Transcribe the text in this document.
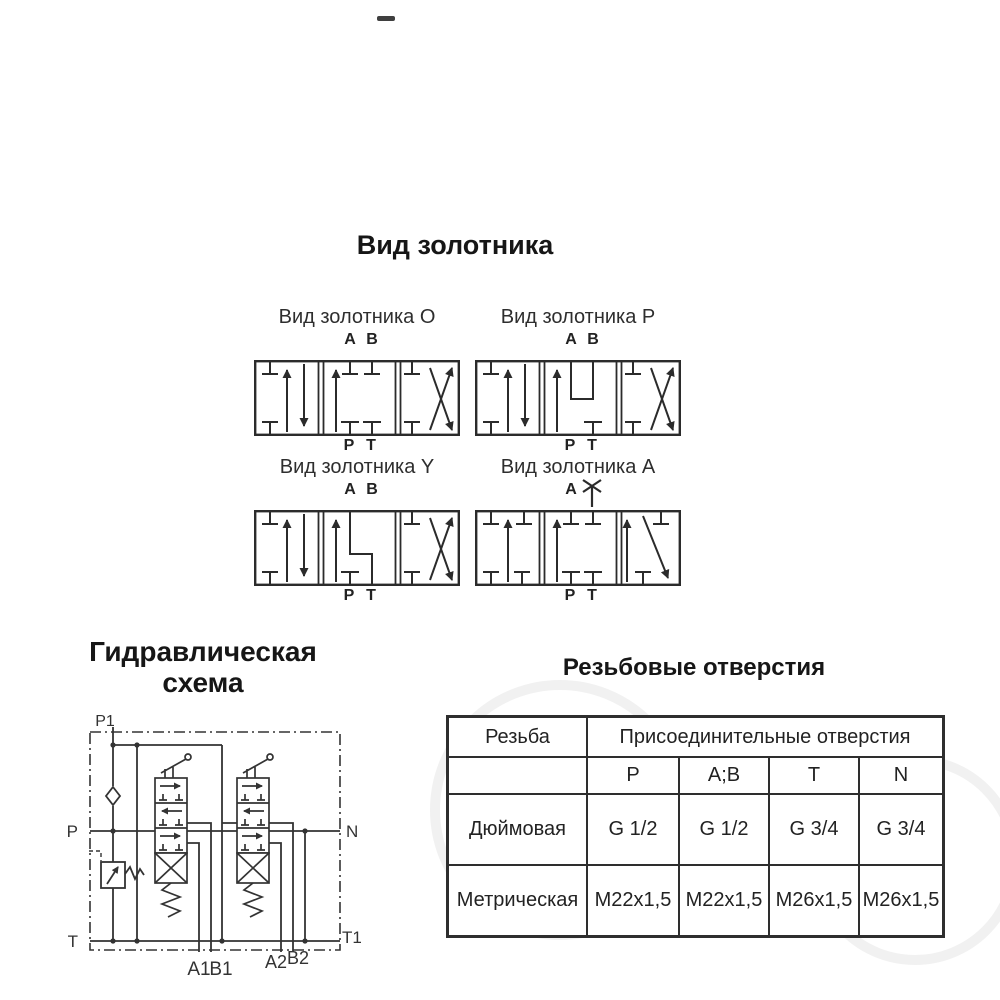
Вид золотника
Вид золотника O
A B
P T
Вид золотника P
A B
P T
Вид золотника Y
A B
P T
Вид золотника A
A
P T
Гидравлическая
схема
P1
P	N
T	T1
A1
B1 A2 B2
Резьбовые отверстия
Резьба	Присоединительные отверстия
P	A;B	T	N
Дюймовая	G 1/2	G 1/2	G 3/4	G 3/4
Метрическая M22x1,5 M22x1,5 M26x1,5 M26x1,5
